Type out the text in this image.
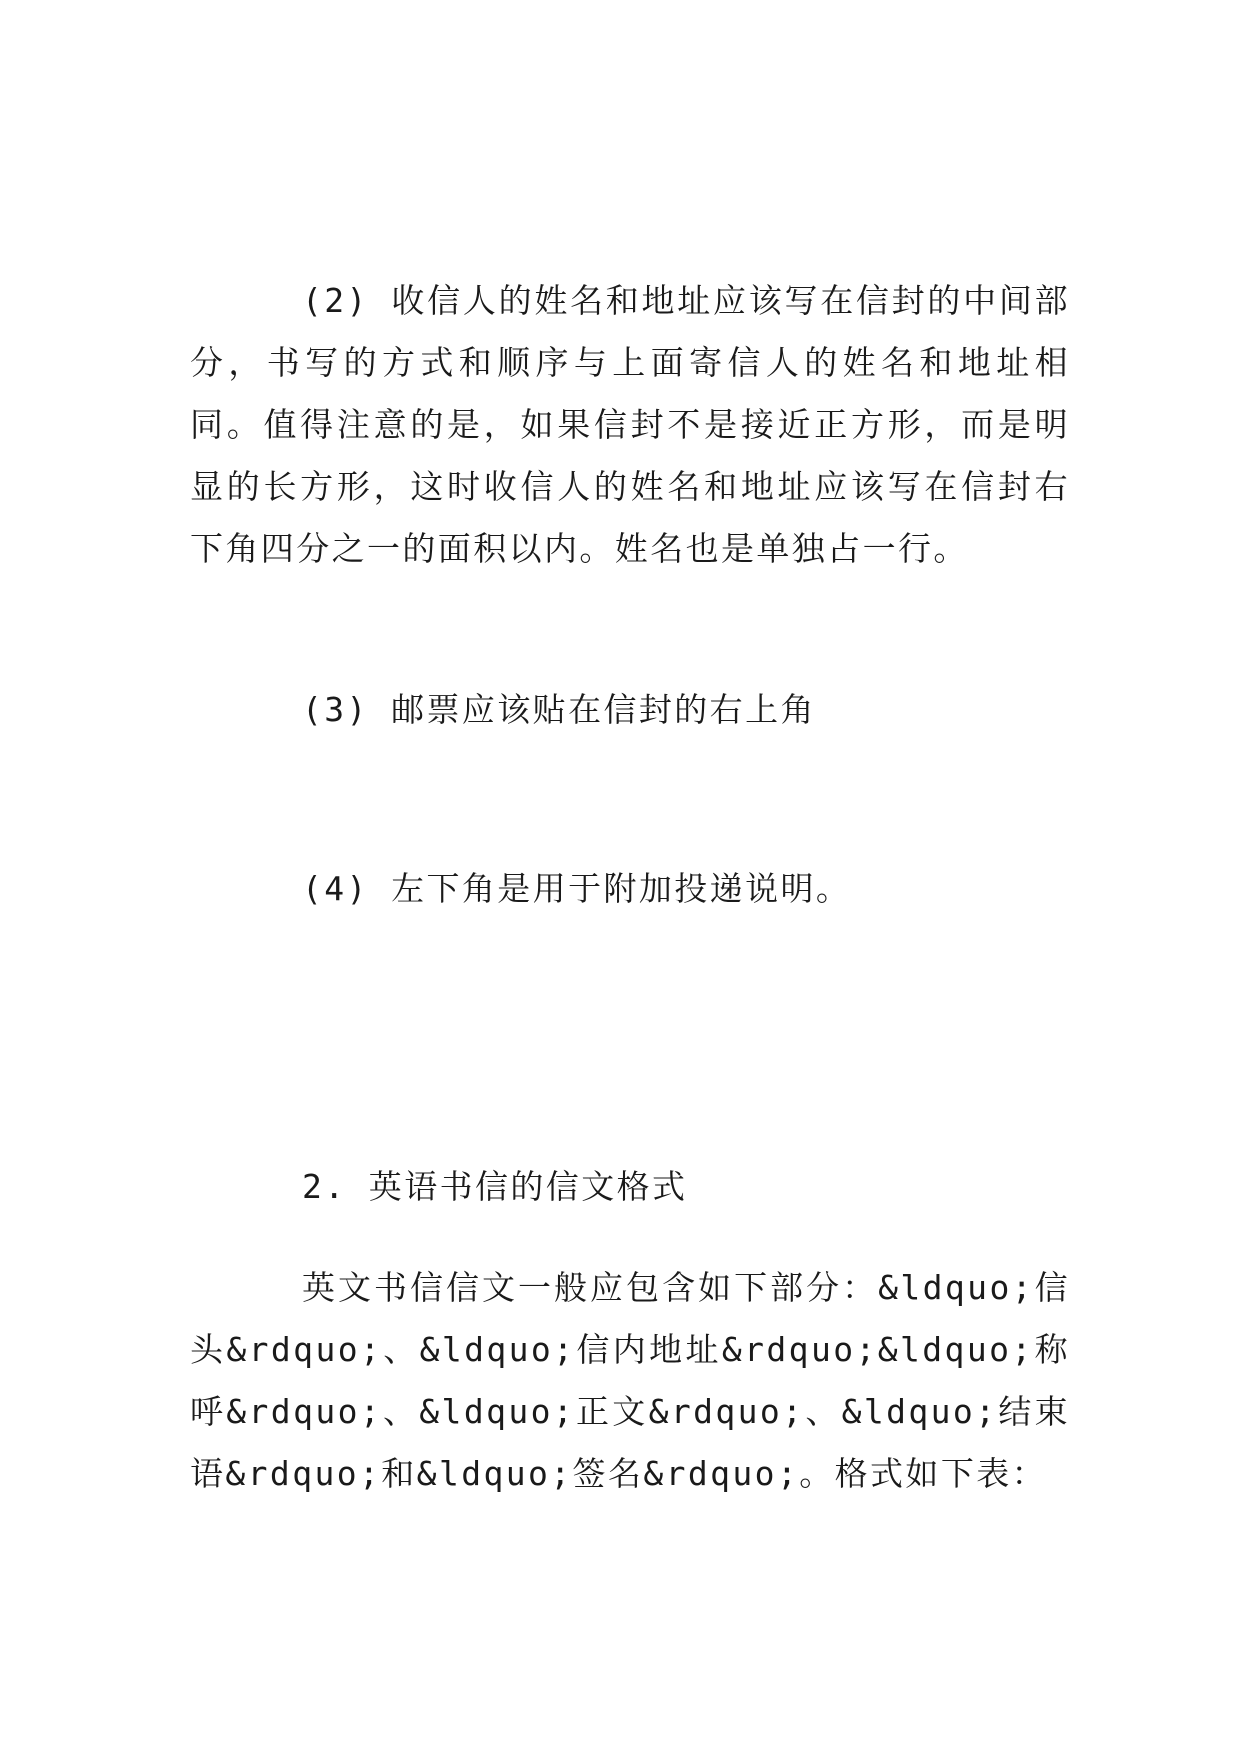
(2) 收信人的姓名和地址应该写在信封的中间部分，书写的方式和顺序与上面寄信人的姓名和地址相同。值得注意的是，如果信封不是接近正方形，而是明显的长方形，这时收信人的姓名和地址应该写在信封右下角四分之一的面积以内。姓名也是单独占一行。

(3) 邮票应该贴在信封的右上角

(4) 左下角是用于附加投递说明。

2. 英语书信的信文格式

英文书信信文一般应包含如下部分：&ldquo;信头&rdquo;、&ldquo;信内地址&rdquo;&ldquo;称呼&rdquo;、&ldquo;正文&rdquo;、&ldquo;结束语&rdquo;和&ldquo;签名&rdquo;。格式如下表：
